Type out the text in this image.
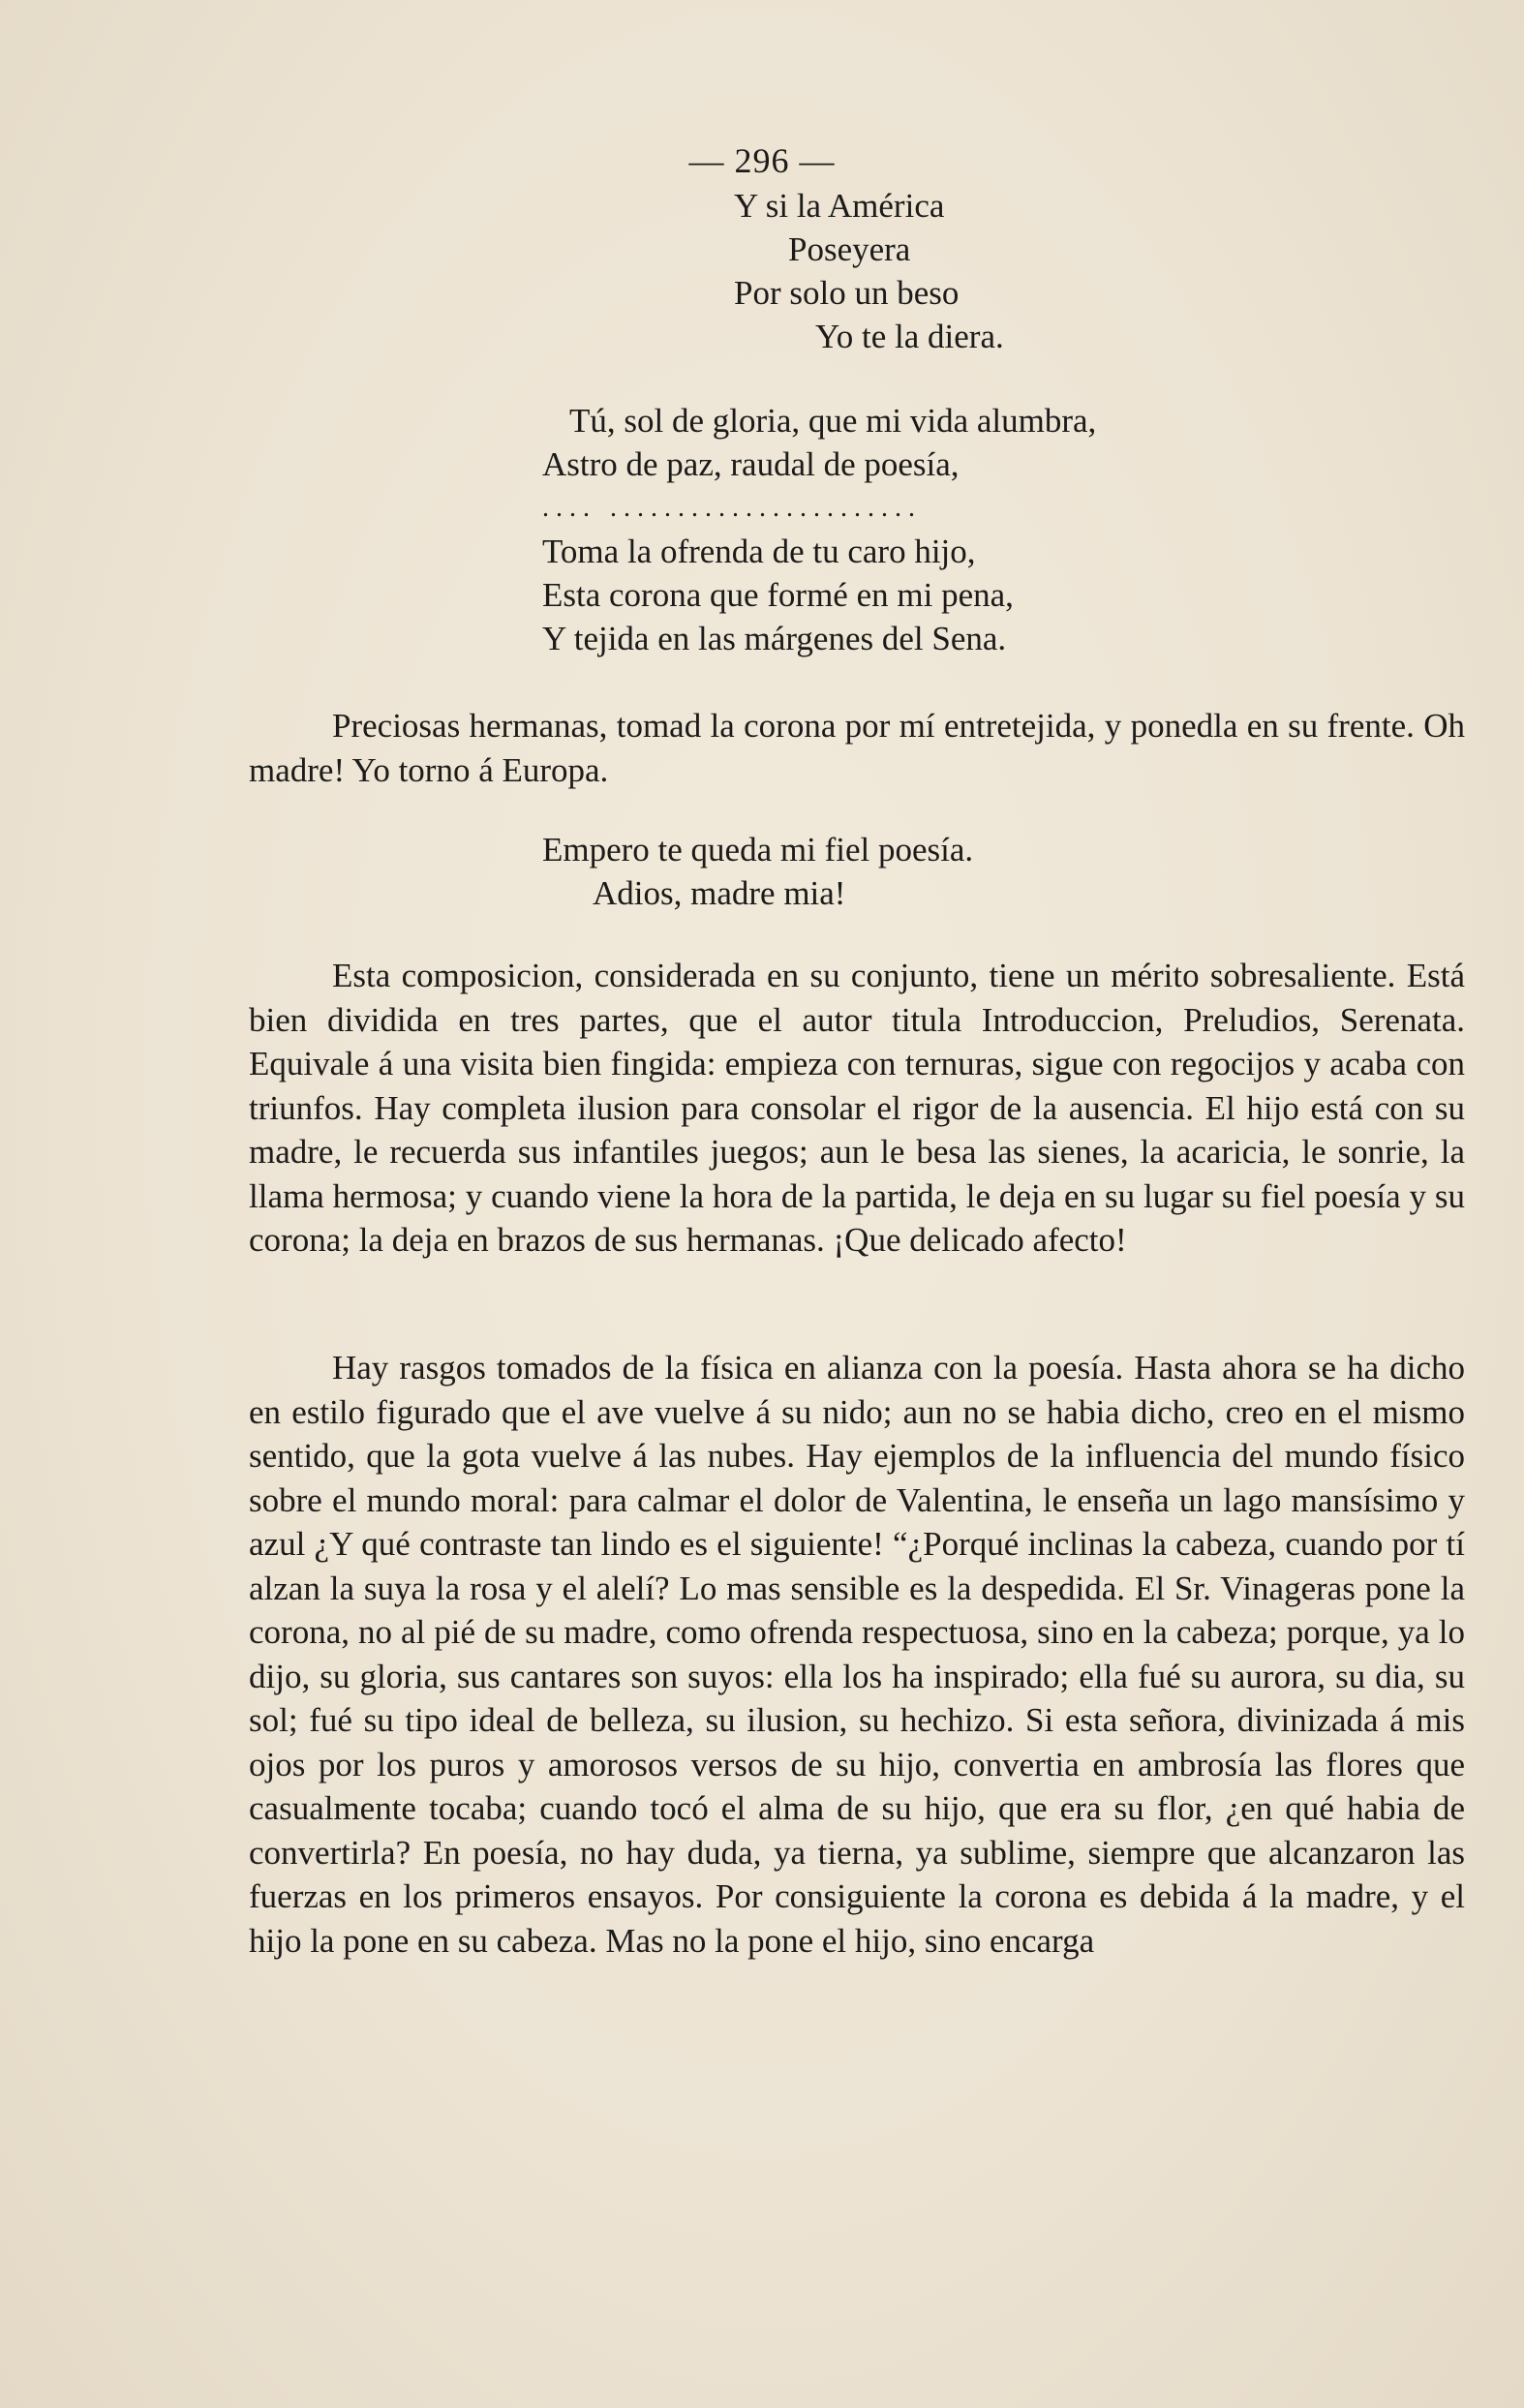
— 296 —
Y si la América
Poseyera
Por solo un beso
Yo te la diera.
Tú, sol de gloria, que mi vida alumbra,
Astro de paz, raudal de poesía,
.... .......................
Toma la ofrenda de tu caro hijo,
Esta corona que formé en mi pena,
Y tejida en las márgenes del Sena.

Preciosas hermanas, tomad la corona por mí entretejida, y ponedla en su frente. Oh madre! Yo torno á Europa.

Empero te queda mi fiel poesía.
Adios, madre mia!

Esta composicion, considerada en su conjunto, tiene un mérito sobresaliente. Está bien dividida en tres partes, que el autor titula Introduccion, Preludios, Serenata. Equivale á una visita bien fingida: empieza con ternuras, sigue con regocijos y acaba con triunfos. Hay completa ilusion para consolar el rigor de la ausencia. El hijo está con su madre, le recuerda sus infantiles juegos; aun le besa las sienes, la acaricia, le sonrie, la llama hermosa; y cuando viene la hora de la partida, le deja en su lugar su fiel poesía y su corona; la deja en brazos de sus hermanas. ¡Que delicado afecto!

Hay rasgos tomados de la física en alianza con la poesía. Hasta ahora se ha dicho en estilo figurado que el ave vuelve á su nido; aun no se habia dicho, creo en el mismo sentido, que la gota vuelve á las nubes. Hay ejemplos de la influencia del mundo físico sobre el mundo moral: para calmar el dolor de Valentina, le enseña un lago mansísimo y azul ¿Y qué contraste tan lindo es el siguiente! “¿Porqué inclinas la cabeza, cuando por tí alzan la suya la rosa y el alelí? Lo mas sensible es la despedida. El Sr. Vinageras pone la corona, no al pié de su madre, como ofrenda respectuosa, sino en la cabeza; porque, ya lo dijo, su gloria, sus cantares son suyos: ella los ha inspirado; ella fué su aurora, su dia, su sol; fué su tipo ideal de belleza, su ilusion, su hechizo. Si esta señora, divinizada á mis ojos por los puros y amorosos versos de su hijo, convertia en ambrosía las flores que casualmente tocaba; cuando tocó el alma de su hijo, que era su flor, ¿en qué habia de convertirla? En poesía, no hay duda, ya tierna, ya sublime, siempre que alcanzaron las fuerzas en los primeros ensayos. Por consiguiente la corona es debida á la madre, y el hijo la pone en su cabeza. Mas no la pone el hijo, sino encarga
